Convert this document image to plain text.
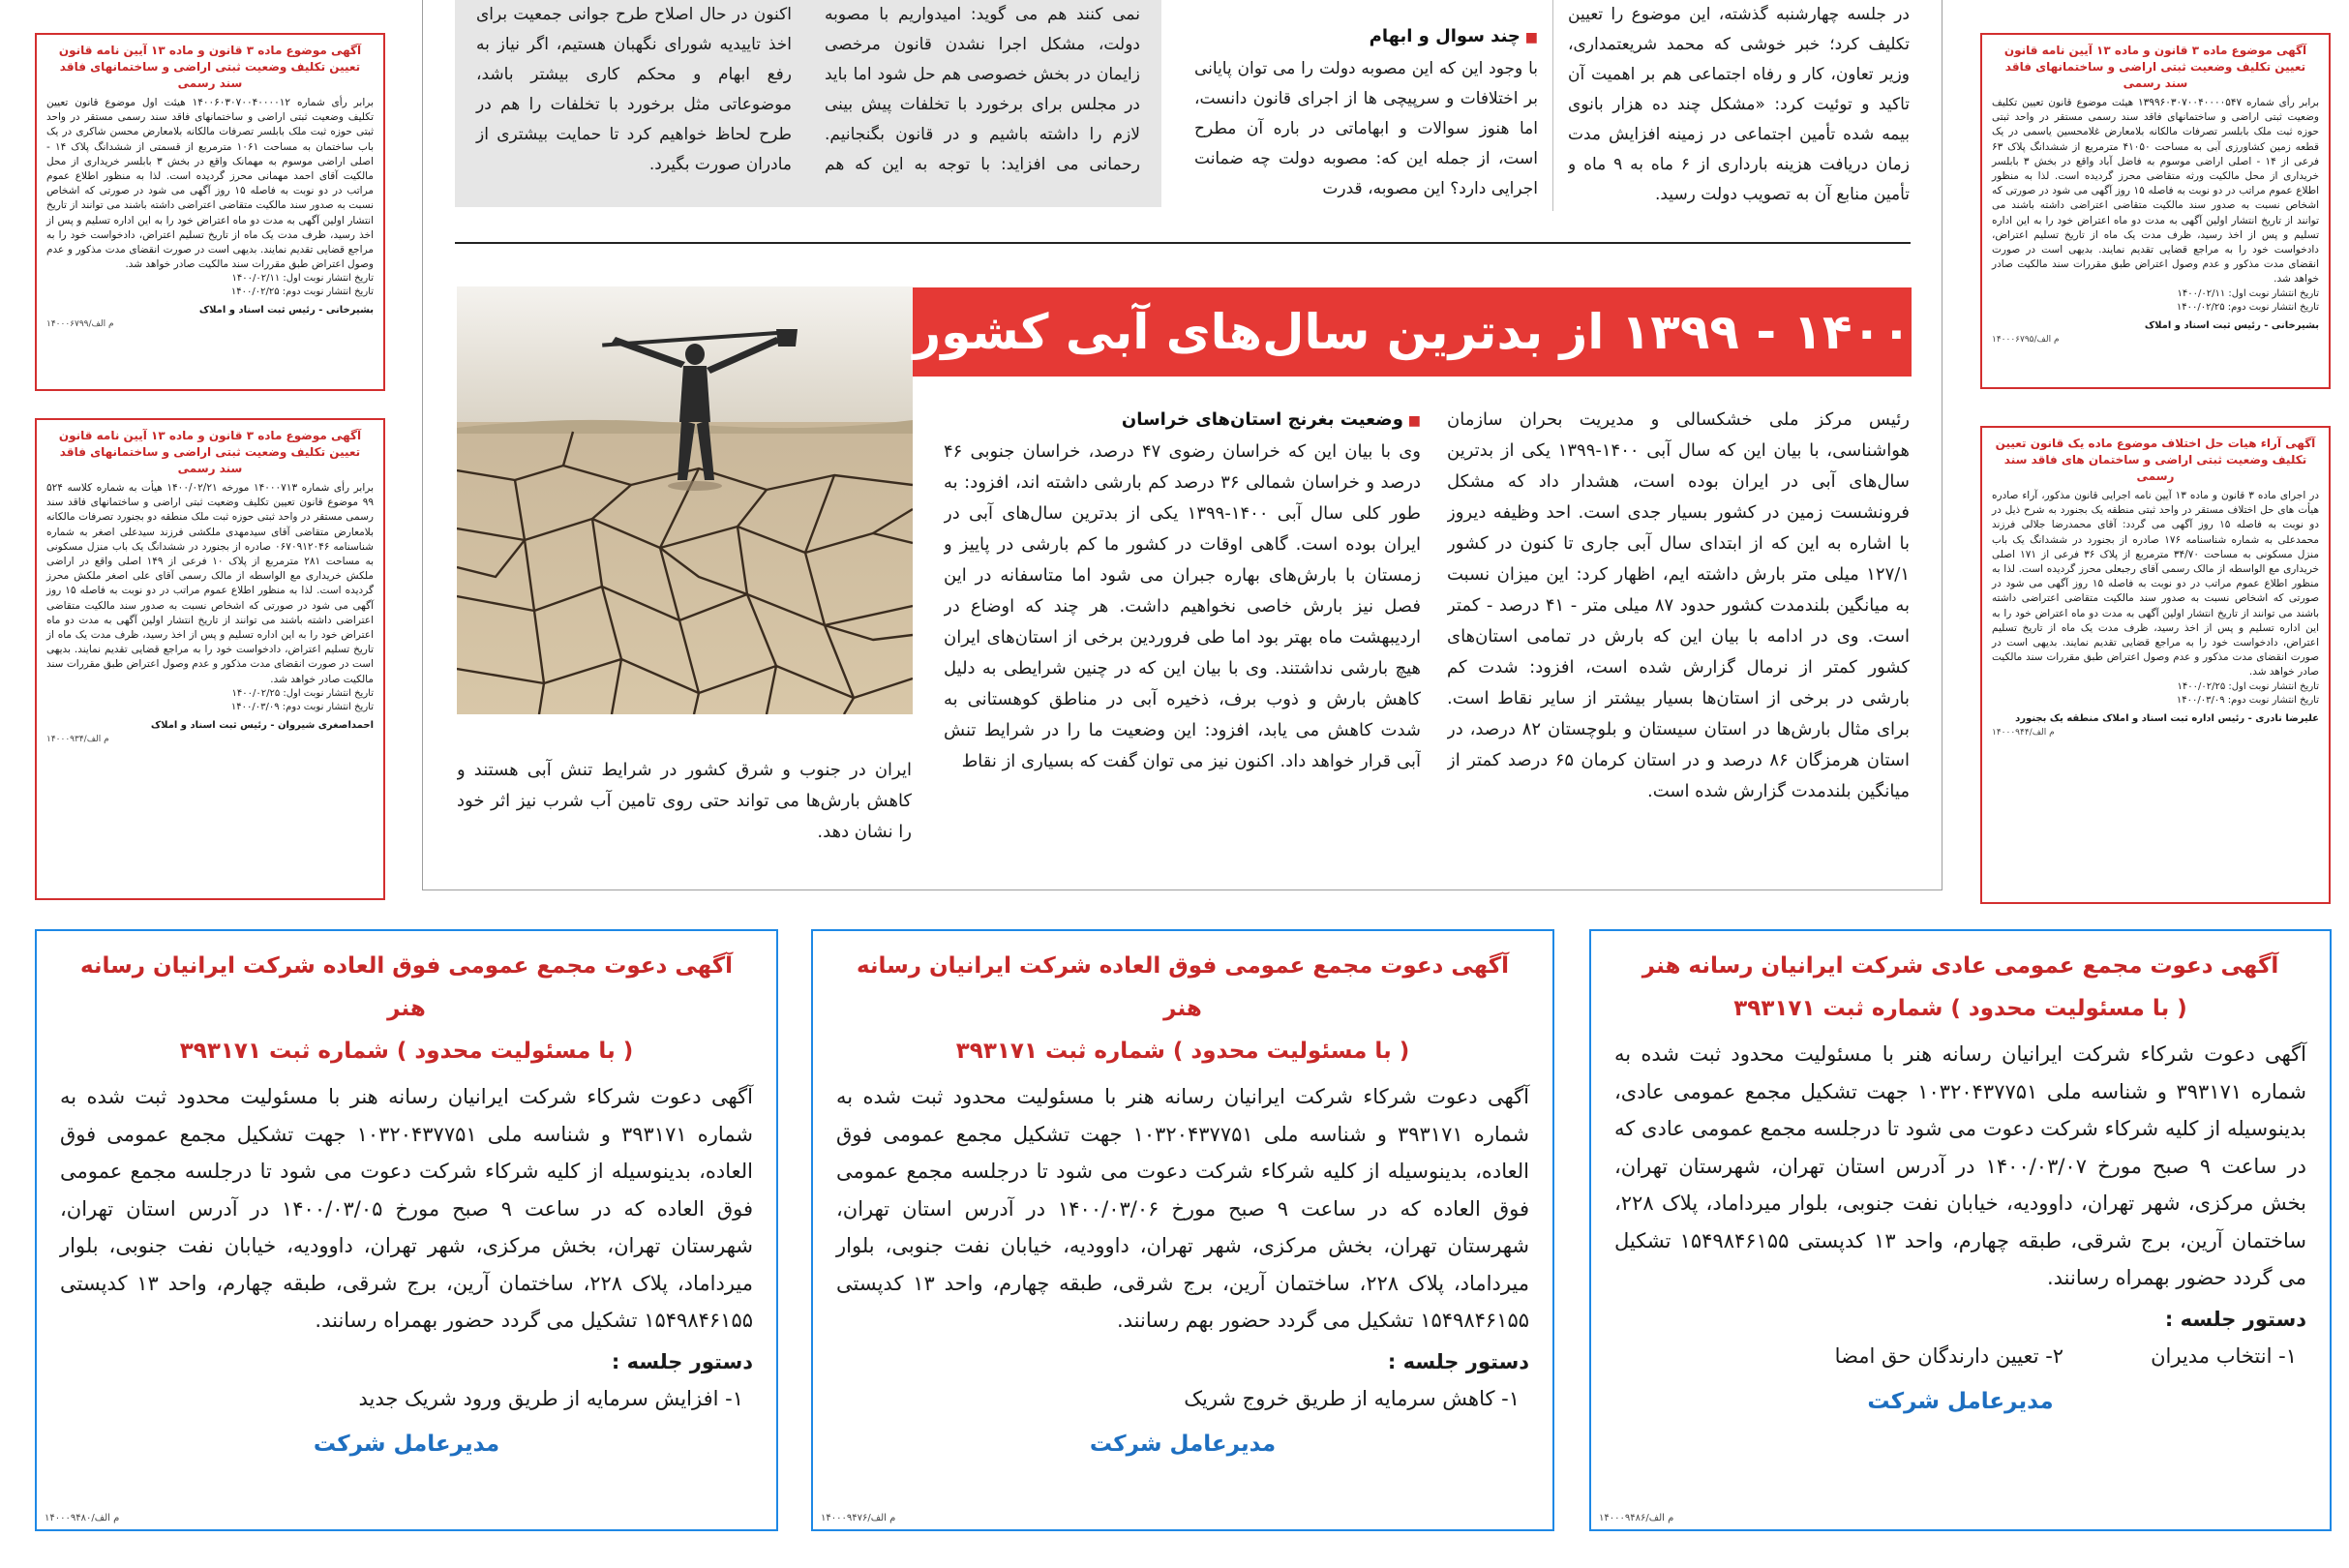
آگهی موضوع ماده ۳ قانون و ماده ۱۳ آیین نامه قانون تعیین تکلیف وضعیت ثبتی اراضی و ساختمانهای فاقد سند رسمی

برابر رأی شماره ۱۴۰۰۶۰۳۰۷۰۰۴۰۰۰۰۱۲ هیئت اول موضوع قانون تعیین تکلیف وضعیت ثبتی اراضی و ساختمانهای فاقد سند رسمی مستقر در واحد ثبتی حوزه ثبت ملک بابلسر تصرفات مالکانه بلامعارض محسن شاکری در یک باب ساختمان به مساحت ۱۰۶۱ مترمربع از قسمتی از ششدانگ پلاک ۱۴ - اصلی اراضی موسوم به مهمانک واقع در بخش ۳ بابلسر خریداری از محل مالکیت آقای احمد مهمانی محرز گردیده است. لذا به منظور اطلاع عموم مراتب در دو نوبت به فاصله ۱۵ روز آگهی می شود در صورتی که اشخاص نسبت به صدور سند مالکیت متقاضی اعتراضی داشته باشند می توانند از تاریخ انتشار اولین آگهی به مدت دو ماه اعتراض خود را به این اداره تسلیم و پس از اخذ رسید، ظرف مدت یک ماه از تاریخ تسلیم اعتراض، دادخواست خود را به مراجع قضایی تقدیم نمایند. بدیهی است در صورت انقضای مدت مذکور و عدم وصول اعتراض طبق مقررات سند مالکیت صادر خواهد شد.

تاریخ انتشار نوبت اول: ۱۴۰۰/۰۲/۱۱

تاریخ انتشار نوبت دوم: ۱۴۰۰/۰۲/۲۵

بشیرخانی - رئیس ثبت اسناد و املاک
م الف/۱۴۰۰۰۶۷۹۹
آگهی موضوع ماده ۳ قانون و ماده ۱۳ آیین نامه قانون تعیین تکلیف وضعیت ثبتی اراضی و ساختمانهای فاقد سند رسمی

برابر رأی شماره ۱۴۰۰۰۷۱۳ مورخه ۱۴۰۰/۰۲/۲۱ هیأت به شماره کلاسه ۵۲۴ ۹۹ موضوع قانون تعیین تکلیف وضعیت ثبتی اراضی و ساختمانهای فاقد سند رسمی مستقر در واحد ثبتی حوزه ثبت ملک منطقه دو بجنورد تصرفات مالکانه بلامعارض متقاضی آقای سیدمهدی ملکشی فرزند سیدعلی اصغر به شماره شناسنامه ۰۶۷۰۹۱۲۰۴۶ صادره از بجنورد در ششدانگ یک باب منزل مسکونی به مساحت ۲۸۱ مترمربع از پلاک ۱۰ فرعی از ۱۴۹ اصلی واقع در اراضی ملکش خریداری مع الواسطه از مالک رسمی آقای علی اصغر ملکش محرز گردیده است. لذا به منظور اطلاع عموم مراتب در دو نوبت به فاصله ۱۵ روز آگهی می شود در صورتی که اشخاص نسبت به صدور سند مالکیت متقاضی اعتراضی داشته باشند می توانند از تاریخ انتشار اولین آگهی به مدت دو ماه اعتراض خود را به این اداره تسلیم و پس از اخذ رسید، ظرف مدت یک ماه از تاریخ تسلیم اعتراض، دادخواست خود را به مراجع قضایی تقدیم نمایند. بدیهی است در صورت انقضای مدت مذکور و عدم وصول اعتراض طبق مقررات سند مالکیت صادر خواهد شد.

تاریخ انتشار نوبت اول: ۱۴۰۰/۰۲/۲۵

تاریخ انتشار نوبت دوم: ۱۴۰۰/۰۳/۰۹

احمداصغری شیروان - رئیس ثبت اسناد و املاک
م الف/۱۴۰۰۰۹۳۴
آگهی موضوع ماده ۳ قانون و ماده ۱۳ آیین نامه قانون تعیین تکلیف وضعیت ثبتی اراضی و ساختمانهای فاقد سند رسمی

برابر رأی شماره ۱۳۹۹۶۰۳۰۷۰۰۴۰۰۰۰۵۴۷ هیئت موضوع قانون تعیین تکلیف وضعیت ثبتی اراضی و ساختمانهای فاقد سند رسمی مستقر در واحد ثبتی حوزه ثبت ملک بابلسر تصرفات مالکانه بلامعارض غلامحسین یاسمی در یک قطعه زمین کشاورزی آبی به مساحت ۴۱۰۵۰ مترمربع از ششدانگ پلاک ۶۳ فرعی از ۱۴ - اصلی اراضی موسوم به فاضل آباد واقع در بخش ۳ بابلسر خریداری از محل مالکیت ورثه متقاضی محرز گردیده است. لذا به منظور اطلاع عموم مراتب در دو نوبت به فاصله ۱۵ روز آگهی می شود در صورتی که اشخاص نسبت به صدور سند مالکیت متقاضی اعتراضی داشته باشند می توانند از تاریخ انتشار اولین آگهی به مدت دو ماه اعتراض خود را به این اداره تسلیم و پس از اخذ رسید، ظرف مدت یک ماه از تاریخ تسلیم اعتراض، دادخواست خود را به مراجع قضایی تقدیم نمایند. بدیهی است در صورت انقضای مدت مذکور و عدم وصول اعتراض طبق مقررات سند مالکیت صادر خواهد شد.

تاریخ انتشار نوبت اول: ۱۴۰۰/۰۲/۱۱

تاریخ انتشار نوبت دوم: ۱۴۰۰/۰۲/۲۵

بشیرخانی - رئیس ثبت اسناد و املاک
م الف/۱۴۰۰۰۶۷۹۵
آگهی آراء هیات حل اختلاف موضوع ماده یک قانون تعیین تکلیف وضعیت ثبتی اراضی و ساختمان های فاقد سند رسمی

در اجرای ماده ۳ قانون و ماده ۱۳ آیین نامه اجرایی قانون مذکور، آراء صادره هیأت های حل اختلاف مستقر در واحد ثبتی منطقه یک بجنورد به شرح ذیل در دو نوبت به فاصله ۱۵ روز آگهی می گردد: آقای محمدرضا جلالی فرزند محمدعلی به شماره شناسنامه ۱۷۶ صادره از بجنورد در ششدانگ یک باب منزل مسکونی به مساحت ۳۴/۷۰ مترمربع از پلاک ۳۶ فرعی از ۱۷۱ اصلی خریداری مع الواسطه از مالک رسمی آقای رجبعلی محرز گردیده است. لذا به منظور اطلاع عموم مراتب در دو نوبت به فاصله ۱۵ روز آگهی می شود در صورتی که اشخاص نسبت به صدور سند مالکیت متقاضی اعتراضی داشته باشند می توانند از تاریخ انتشار اولین آگهی به مدت دو ماه اعتراض خود را به این اداره تسلیم و پس از اخذ رسید، ظرف مدت یک ماه از تاریخ تسلیم اعتراض، دادخواست خود را به مراجع قضایی تقدیم نمایند. بدیهی است در صورت انقضای مدت مذکور و عدم وصول اعتراض طبق مقررات سند مالکیت صادر خواهد شد.

تاریخ انتشار نوبت اول: ۱۴۰۰/۰۲/۲۵

تاریخ انتشار نوبت دوم: ۱۴۰۰/۰۳/۰۹

علیرضا نادری - رئیس اداره ثبت اسناد و املاک منطقه یک بجنورد
م الف/۱۴۰۰۰۹۴۴
نمی کنند هم می گوید: امیدواریم با مصوبه دولت، مشکل اجرا نشدن قانون مرخصی زایمان در بخش خصوصی هم حل شود اما باید در مجلس برای برخورد با تخلفات پیش بینی لازم را داشته باشیم و در قانون بگنجانیم. رحمانی می افزاید: با توجه به این که هم اکنون در حال اصلاح طرح جوانی جمعیت برای اخذ تاییدیه شورای نگهبان هستیم، اگر نیاز به رفع ابهام و محکم کاری بیشتر باشد، موضوعاتی مثل برخورد با تخلفات را هم در طرح لحاظ خواهیم کرد تا حمایت بیشتری از مادران صورت بگیرد.
■ چند سوال و ابهام
با وجود این که این مصوبه دولت را می توان پایانی بر اختلافات و سرپیچی ها از اجرای قانون دانست، اما هنوز سوالات و ابهاماتی در باره آن مطرح است، از جمله این که: مصوبه دولت چه ضمانت اجرایی دارد؟ این مصوبه، قدرت
در جلسه چهارشنبه گذشته، این موضوع را تعیین تکلیف کرد؛ خبر خوشی که محمد شریعتمداری، وزیر تعاون، کار و رفاه اجتماعی هم بر اهمیت آن تاکید و توئیت کرد: «مشکل چند ده هزار بانوی بیمه شده تأمین اجتماعی در زمینه افزایش مدت زمان دریافت هزینه بارداری از ۶ ماه به ۹ ماه و تأمین منابع آن به تصویب دولت رسید.
۱۴۰۰ - ۱۳۹۹ از بدترین سال‌های آبی کشور
رئیس مرکز ملی خشکسالی و مدیریت بحران سازمان هواشناسی، با بیان این که سال آبی ۱۴۰۰-۱۳۹۹ یکی از بدترین سال‌های آبی در ایران بوده است، هشدار داد که مشکل فرونشست زمین در کشور بسیار جدی است. احد وظیفه دیروز با اشاره به این که از ابتدای سال آبی جاری تا کنون در کشور ۱۲۷/۱ میلی متر بارش داشته ایم، اظهار کرد: این میزان نسبت به میانگین بلندمدت کشور حدود ۸۷ میلی متر - ۴۱ درصد - کمتر است. وی در ادامه با بیان این که بارش در تمامی استان‌های کشور کمتر از نرمال گزارش شده است، افزود: شدت کم بارشی در برخی از استان‌ها بسیار بیشتر از سایر نقاط است. برای مثال بارش‌ها در استان سیستان و بلوچستان ۸۲ درصد، در استان هرمزگان ۸۶ درصد و در استان کرمان ۶۵ درصد کمتر از میانگین بلندمدت گزارش شده است.
■ وضعیت بغرنج استان‌های خراسان
وی با بیان این که خراسان رضوی ۴۷ درصد، خراسان جنوبی ۴۶ درصد و خراسان شمالی ۳۶ درصد کم بارشی داشته اند، افزود: به طور کلی سال آبی ۱۴۰۰-۱۳۹۹ یکی از بدترین سال‌های آبی در ایران بوده است. گاهی اوقات در کشور ما کم بارشی در پاییز و زمستان با بارش‌های بهاره جبران می شود اما متاسفانه در این فصل نیز بارش خاصی نخواهیم داشت. هر چند که اوضاع در اردیبهشت ماه بهتر بود اما طی فروردین برخی از استان‌های ایران هیچ بارشی نداشتند. وی با بیان این که در چنین شرایطی به دلیل کاهش بارش و ذوب برف، ذخیره آبی در مناطق کوهستانی به شدت کاهش می یابد، افزود: این وضعیت ما را در شرایط تنش آبی قرار خواهد داد. اکنون نیز می توان گفت که بسیاری از نقاط
ایران در جنوب و شرق کشور در شرایط تنش آبی هستند و کاهش بارش‌ها می تواند حتی روی تامین آب شرب نیز اثر خود را نشان دهد.
آگهی دعوت مجمع عمومی عادی شرکت ایرانیان رسانه هنر
( با مسئولیت محدود ) شماره ثبت ۳۹۳۱۷۱
آگهی دعوت شرکاء شرکت ایرانیان رسانه هنر با مسئولیت محدود ثبت شده به شماره ۳۹۳۱۷۱ و شناسه ملی ۱۰۳۲۰۴۳۷۷۵۱ جهت تشکیل مجمع عمومی عادی، بدینوسیله از کلیه شرکاء شرکت دعوت می شود تا درجلسه مجمع عمومی عادی که در ساعت ۹ صبح مورخ ۱۴۰۰/۰۳/۰۷ در آدرس استان تهران، شهرستان تهران، بخش مرکزی، شهر تهران، داوودیه، خیابان نفت جنوبی، بلوار میرداماد، پلاک ۲۲۸، ساختمان آرین، برج شرقی، طبقه چهارم، واحد ۱۳ کدپستی ۱۵۴۹۸۴۶۱۵۵ تشکیل می گردد حضور بهمراه رسانند.
دستور جلسه :
۱- انتخاب مدیران
۲- تعیین دارندگان حق امضا
مدیرعامل شرکت
م الف/۱۴۰۰۰۹۴۸۶
آگهی دعوت مجمع عمومی فوق العاده شرکت ایرانیان رسانه هنر
( با مسئولیت محدود ) شماره ثبت ۳۹۳۱۷۱
آگهی دعوت شرکاء شرکت ایرانیان رسانه هنر با مسئولیت محدود ثبت شده به شماره ۳۹۳۱۷۱ و شناسه ملی ۱۰۳۲۰۴۳۷۷۵۱ جهت تشکیل مجمع عمومی فوق العاده، بدینوسیله از کلیه شرکاء شرکت دعوت می شود تا درجلسه مجمع عمومی فوق العاده که در ساعت ۹ صبح مورخ ۱۴۰۰/۰۳/۰۶ در آدرس استان تهران، شهرستان تهران، بخش مرکزی، شهر تهران، داوودیه، خیابان نفت جنوبی، بلوار میرداماد، پلاک ۲۲۸، ساختمان آرین، برج شرقی، طبقه چهارم، واحد ۱۳ کدپستی ۱۵۴۹۸۴۶۱۵۵ تشکیل می گردد حضور بهم رسانند.
دستور جلسه :
۱- کاهش سرمایه از طریق خروج شریک
مدیرعامل شرکت
م الف/۱۴۰۰۰۹۴۷۶
آگهی دعوت مجمع عمومی فوق العاده شرکت ایرانیان رسانه هنر
( با مسئولیت محدود ) شماره ثبت ۳۹۳۱۷۱
آگهی دعوت شرکاء شرکت ایرانیان رسانه هنر با مسئولیت محدود ثبت شده به شماره ۳۹۳۱۷۱ و شناسه ملی ۱۰۳۲۰۴۳۷۷۵۱ جهت تشکیل مجمع عمومی فوق العاده، بدینوسیله از کلیه شرکاء شرکت دعوت می شود تا درجلسه مجمع عمومی فوق العاده که در ساعت ۹ صبح مورخ ۱۴۰۰/۰۳/۰۵ در آدرس استان تهران، شهرستان تهران، بخش مرکزی، شهر تهران، داوودیه، خیابان نفت جنوبی، بلوار میرداماد، پلاک ۲۲۸، ساختمان آرین، برج شرقی، طبقه چهارم، واحد ۱۳ کدپستی ۱۵۴۹۸۴۶۱۵۵ تشکیل می گردد حضور بهمراه رسانند.
دستور جلسه :
۱- افزایش سرمایه از طریق ورود شریک جدید
مدیرعامل شرکت
م الف/۱۴۰۰۰۹۴۸۰
